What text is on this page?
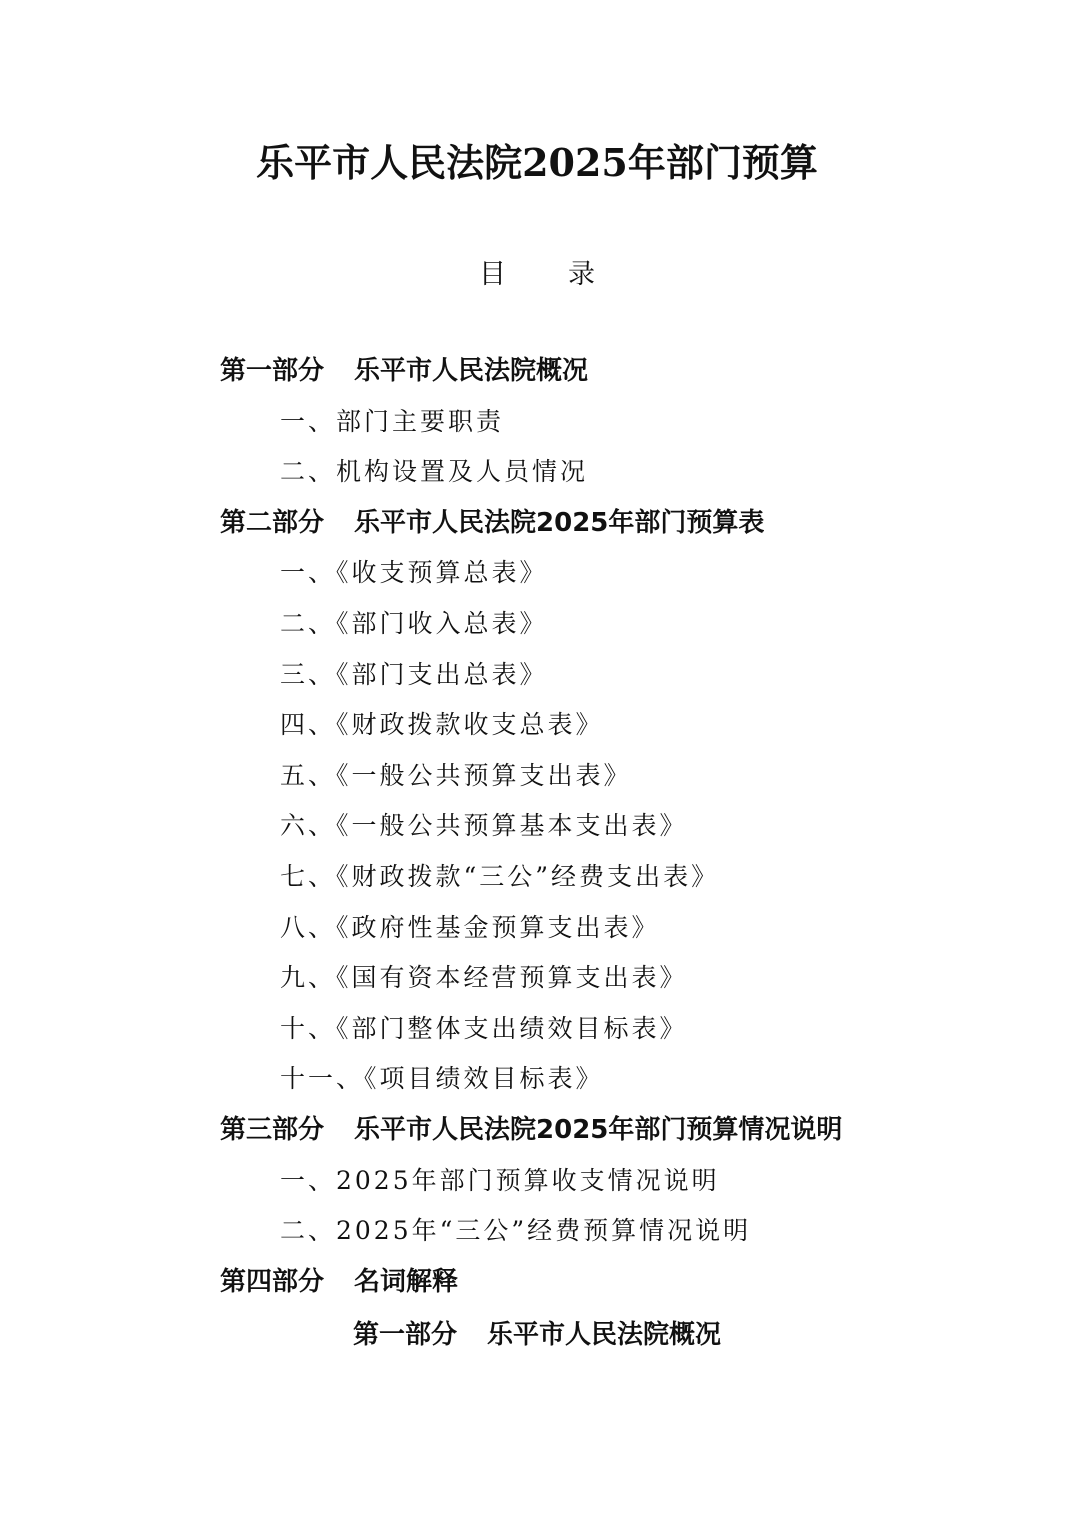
乐平市人民法院2025年部门预算
目 录
第一部分 乐平市人民法院概况
一、部门主要职责
二、机构设置及人员情况
第二部分 乐平市人民法院2025年部门预算表
一、《收支预算总表》
二、《部门收入总表》
三、《部门支出总表》
四、《财政拨款收支总表》
五、《一般公共预算支出表》
六、《一般公共预算基本支出表》
七、《财政拨款“三公”经费支出表》
八、《政府性基金预算支出表》
九、《国有资本经营预算支出表》
十、《部门整体支出绩效目标表》
十一、《项目绩效目标表》
第三部分 乐平市人民法院2025年部门预算情况说明
一、2025年部门预算收支情况说明
二、2025年“三公”经费预算情况说明
第四部分 名词解释
第一部分 乐平市人民法院概况
